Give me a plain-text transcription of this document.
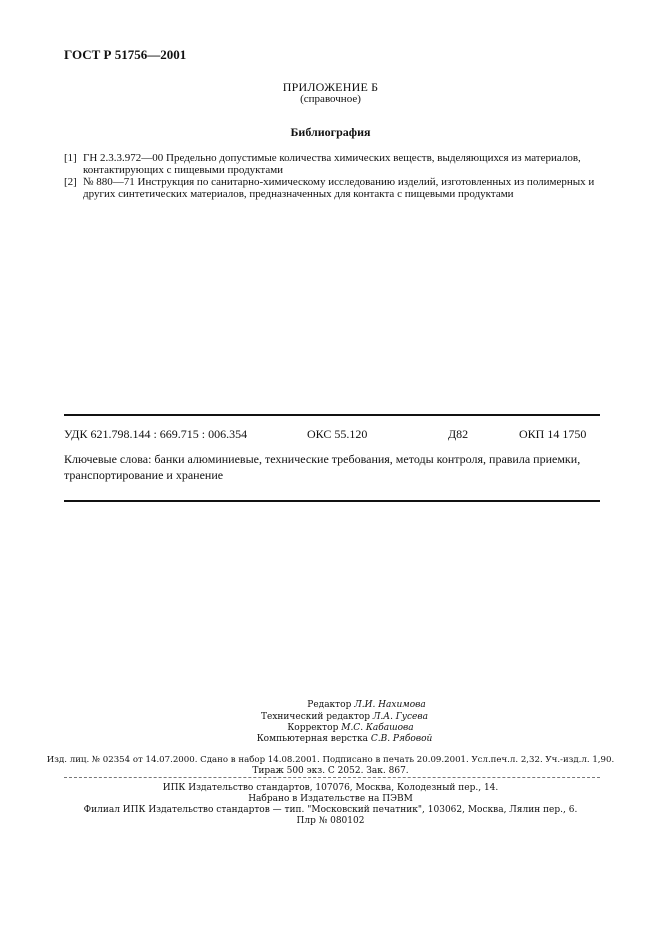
ГОСТ Р 51756—2001
ПРИЛОЖЕНИЕ Б
(справочное)
Библиография
[1] ГН 2.3.3.972—00 Предельно допустимые количества химических веществ, выделяющихся из материалов, контактирующих с пищевыми продуктами
[2] № 880—71 Инструкция по санитарно-химическому исследованию изделий, изготовленных из полимерных и других синтетических материалов, предназначенных для контакта с пищевыми продуктами
УДК 621.798.144 : 669.715 : 006.354	ОКС 55.120	Д82	ОКП 14 1750
Ключевые слова: банки алюминиевые, технические требования, методы контроля, правила приемки, транспортирование и хранение
Редактор Л.И. Нахимова
Технический редактор Л.А. Гусева
Корректор М.С. Кабашова
Компьютерная верстка С.В. Рябовой
Изд. лиц. № 02354 от 14.07.2000. Сдано в набор 14.08.2001. Подписано в печать 20.09.2001. Усл.печ.л. 2,32. Уч.-изд.л. 1,90.
Тираж 500 экз. С 2052. Зак. 867.
ИПК Издательство стандартов, 107076, Москва, Колодезный пер., 14.
Набрано в Издательстве на ПЭВМ
Филиал ИПК Издательство стандартов — тип. "Московский печатник", 103062, Москва, Лялин пер., 6.
Плр № 080102
